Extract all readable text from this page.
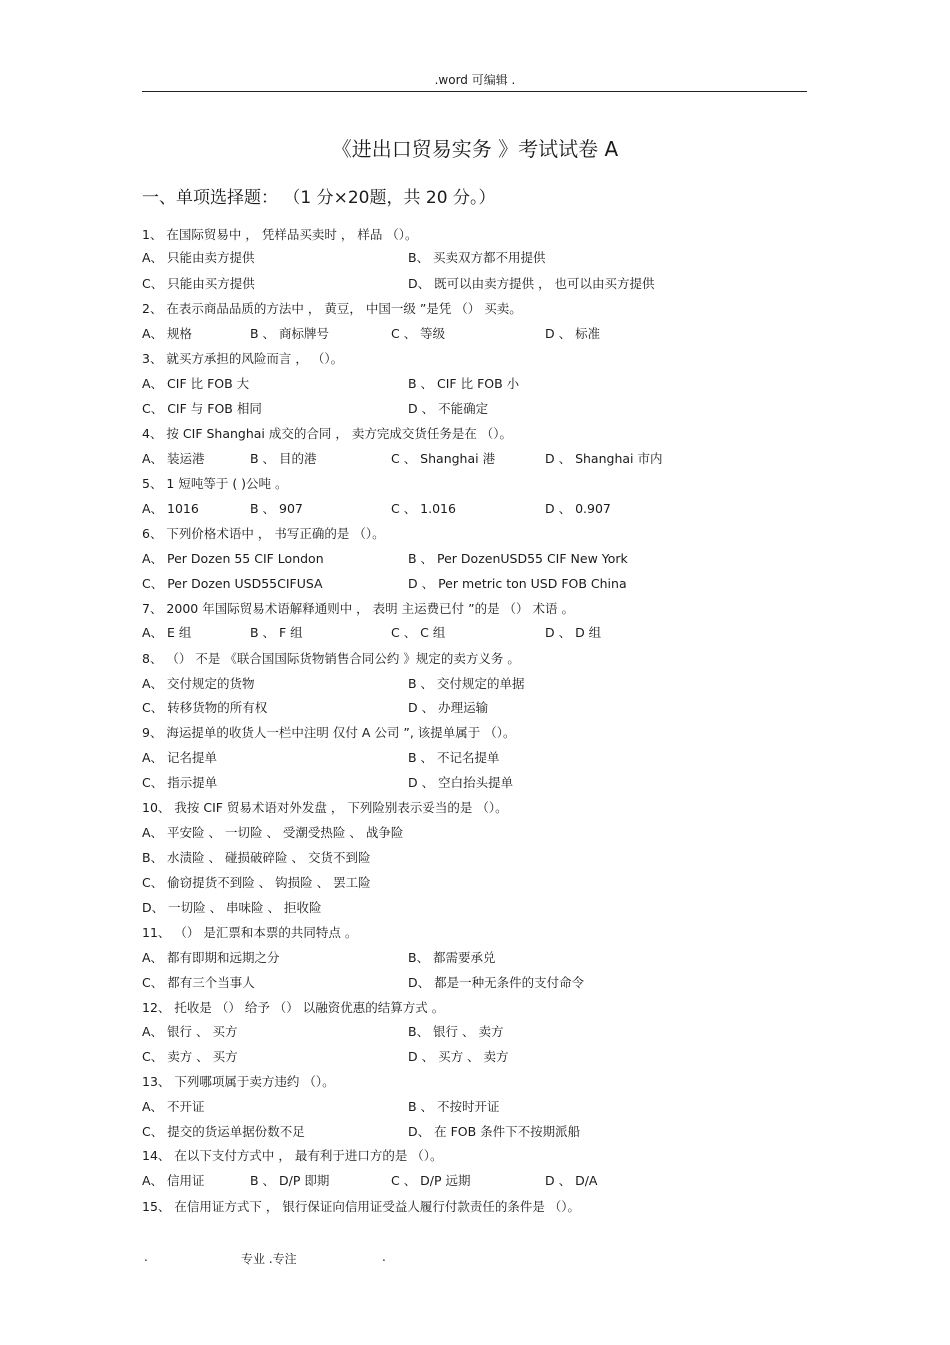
.word 可编辑 .
《进出口贸易实务 》考试试卷 A
一、单项选择题： （1 分×20题，共 20 分。）
1、 在国际贸易中 ， 凭样品买卖时 ， 样品 （）。
A、 只能由卖方提供	B、 买卖双方都不用提供
C、 只能由买方提供	D、 既可以由卖方提供 ， 也可以由买方提供
2、 在表示商品品质的方法中 ， 黄豆， 中国一级 ”是凭 （） 买卖。
A、 规格	B 、 商标牌号	C 、 等级	D 、 标准
3、 就买方承担的风险而言 ， （）。
A、 CIF 比 FOB 大	B 、 CIF 比 FOB 小
C、 CIF 与 FOB 相同	D 、 不能确定
4、 按 CIF Shanghai 成交的合同 ， 卖方完成交货任务是在 （）。
A、 装运港	B 、 目的港	C 、 Shanghai 港	D 、 Shanghai 市内
5、 1 短吨等于 ( )公吨 。
A、 1016	B 、 907	C 、 1.016	D 、 0.907
6、 下列价格术语中 ， 书写正确的是 （）。
A、 Per Dozen 55 CIF London	B 、 Per DozenUSD55 CIF New York
C、 Per Dozen USD55CIFUSA	D 、 Per metric ton USD FOB China
7、 2000 年国际贸易术语解释通则中 ， 表明 主运费已付 ”的是 （） 术语 。
A、 E 组	B 、 F 组	C 、 C 组	D 、 D 组
8、 （） 不是 《联合国国际货物销售合同公约 》规定的卖方义务 。
A、 交付规定的货物	B 、 交付规定的单据
C、 转移货物的所有权	D 、 办理运输
9、 海运提单的收货人一栏中注明 仅付 A 公司 ”, 该提单属于 （）。
A、 记名提单	B 、 不记名提单
C、 指示提单	D 、 空白抬头提单
10、 我按 CIF 贸易术语对外发盘 ， 下列险别表示妥当的是 （）。
A、 平安险 、 一切险 、 受潮受热险 、 战争险
B、 水渍险 、 碰损破碎险 、 交货不到险
C、 偷窃提货不到险 、 钩损险 、 罢工险
D、 一切险 、 串味险 、 拒收险
11、 （） 是汇票和本票的共同特点 。
A、 都有即期和远期之分	B、 都需要承兑
C、 都有三个当事人	D、 都是一种无条件的支付命令
12、 托收是 （） 给予 （） 以融资优惠的结算方式 。
A、 银行 、 买方	B、 银行 、 卖方
C、 卖方 、 买方	D 、 买方 、 卖方
13、 下列哪项属于卖方违约 （）。
A、 不开证	B 、 不按时开证
C、 提交的货运单据份数不足	D、 在 FOB 条件下不按期派船
14、 在以下支付方式中 ， 最有利于进口方的是 （）。
A、 信用证	B 、 D/P 即期	C 、 D/P 远期	D 、 D/A
15、 在信用证方式下 ， 银行保证向信用证受益人履行付款责任的条件是 （）。
.	专业 .专注	.
